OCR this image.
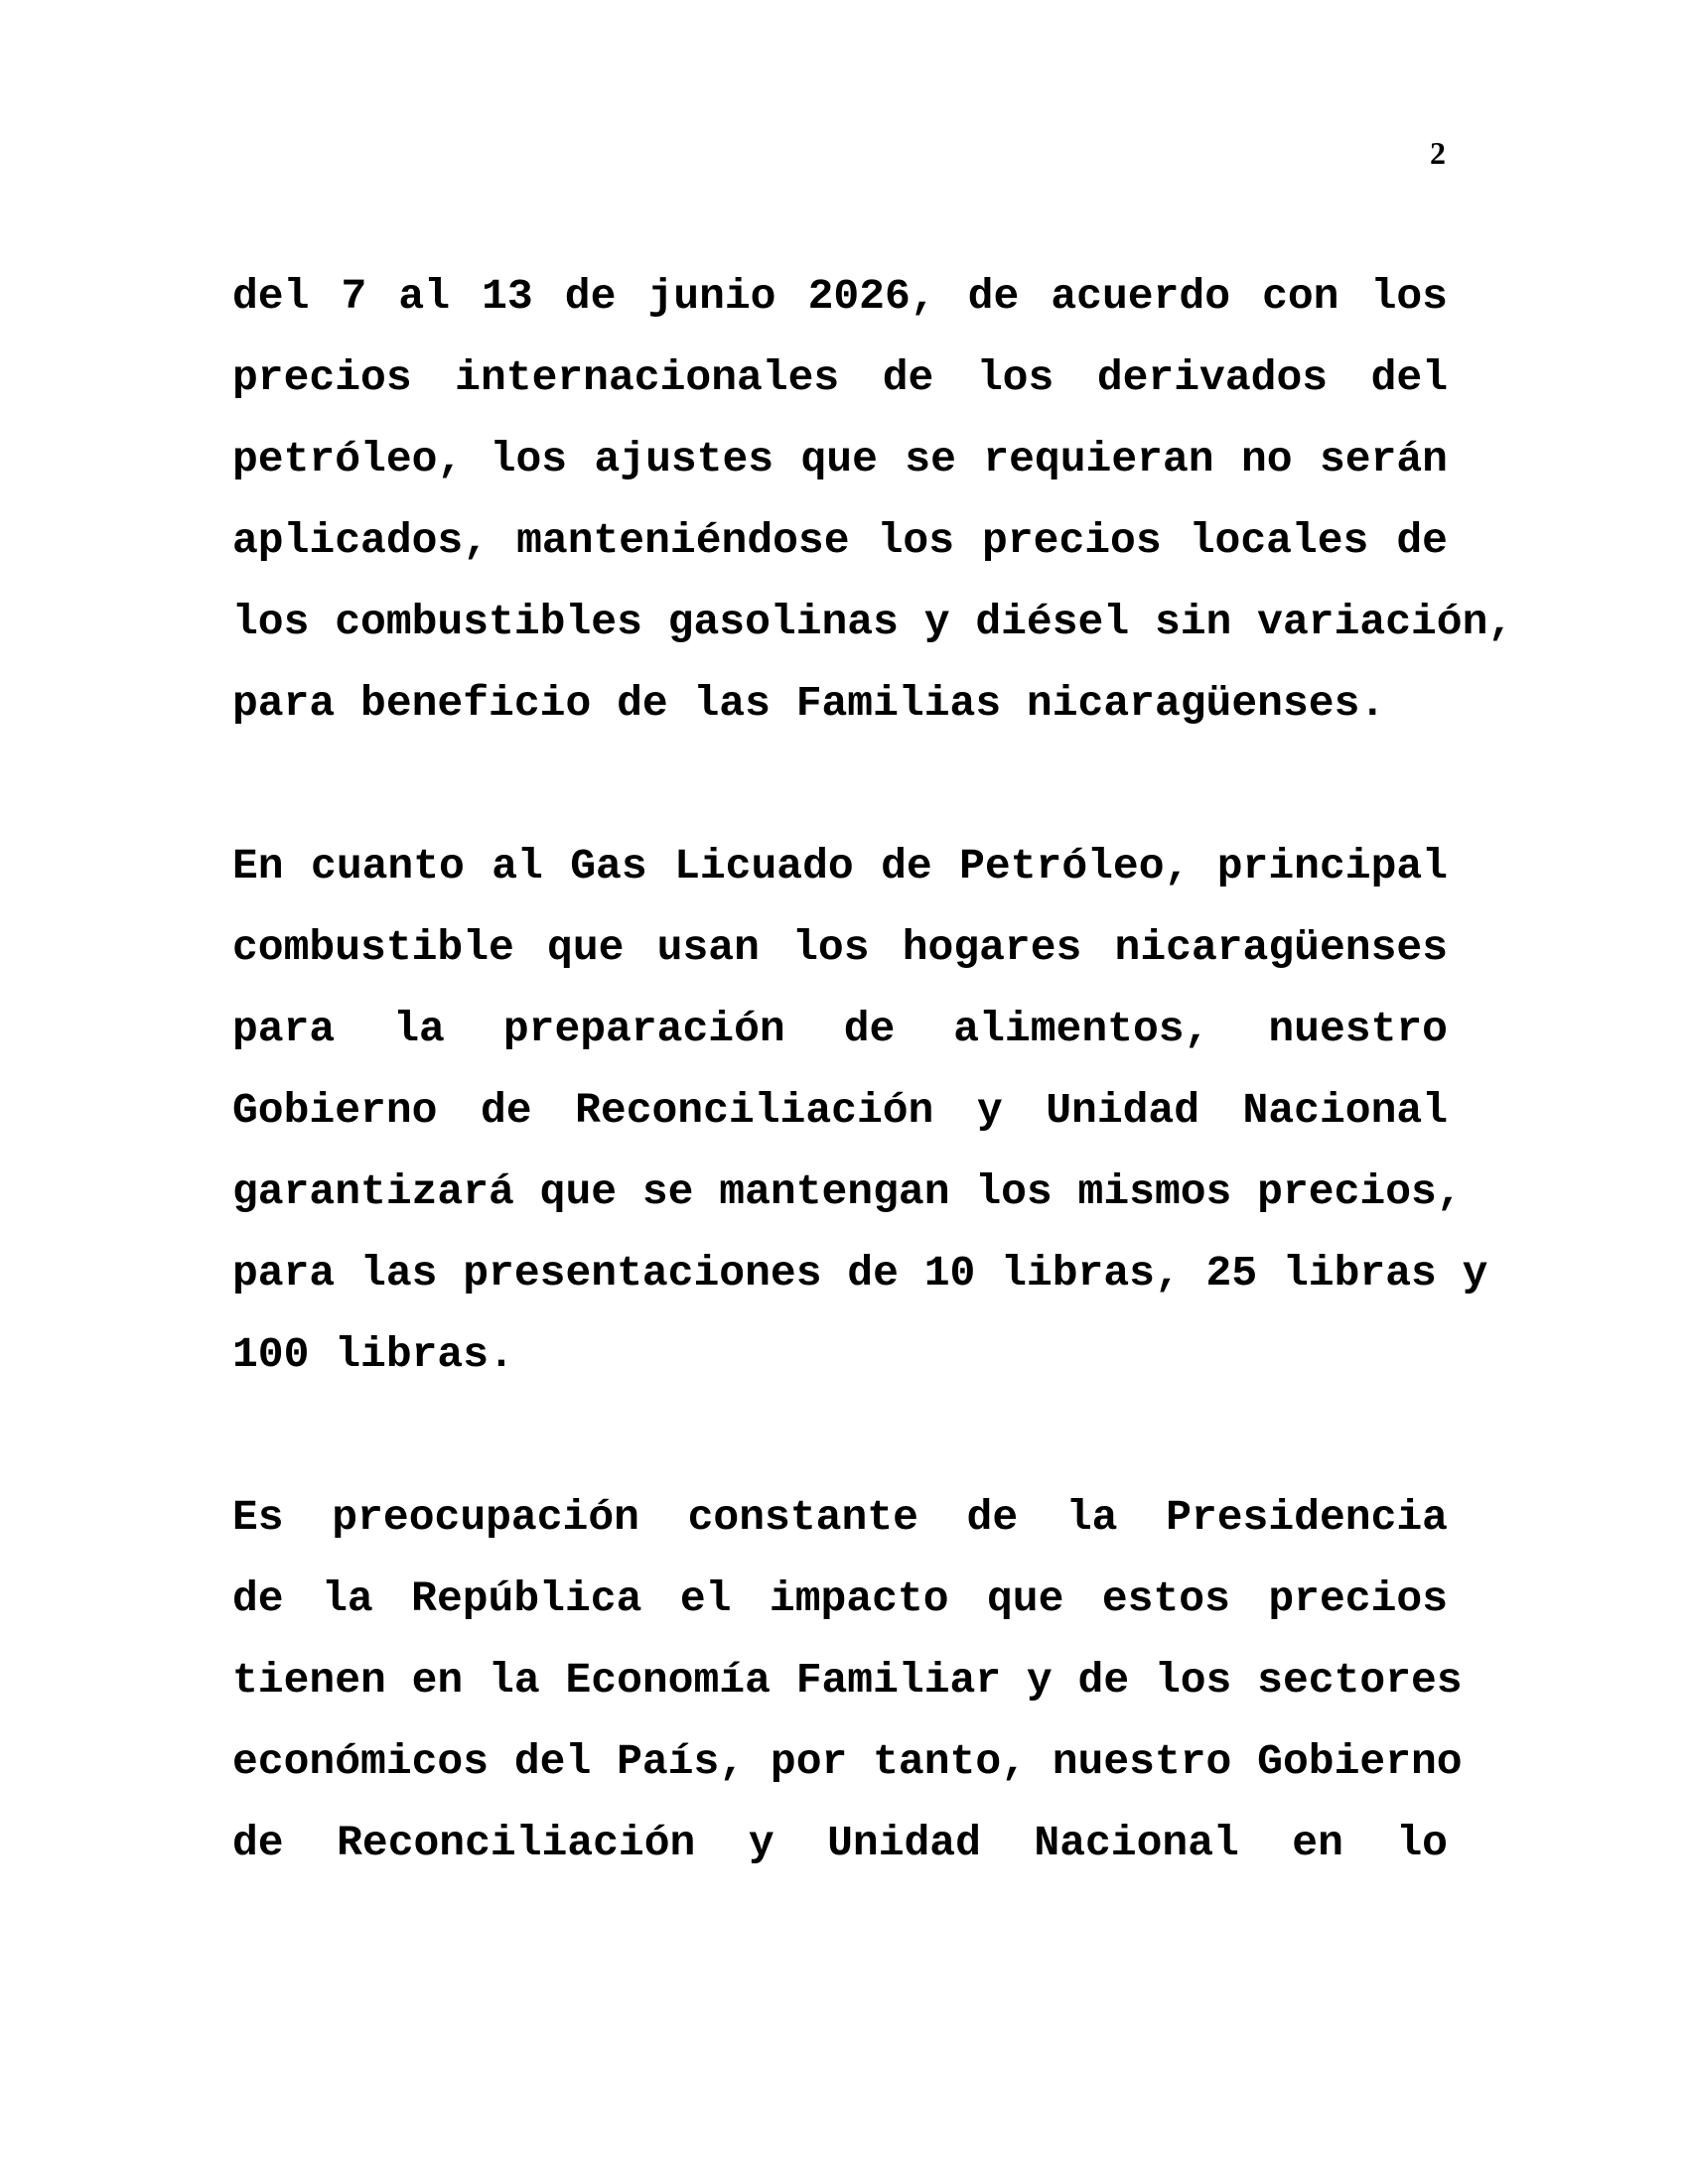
2
del 7 al 13 de junio 2026, de acuerdo con los
precios internacionales de los derivados del
petróleo, los ajustes que se requieran no serán
aplicados, manteniéndose los precios locales de
los combustibles gasolinas y diésel sin variación,
para beneficio de las Familias nicaragüenses.
En cuanto al Gas Licuado de Petróleo, principal
combustible que usan los hogares nicaragüenses
para la preparación de alimentos, nuestro
Gobierno de Reconciliación y Unidad Nacional
garantizará que se mantengan los mismos precios,
para las presentaciones de 10 libras, 25 libras y
100 libras.
Es preocupación constante de la Presidencia
de la República el impacto que estos precios
tienen en la Economía Familiar y de los sectores
económicos del País, por tanto, nuestro Gobierno
de Reconciliación y Unidad Nacional en lo
